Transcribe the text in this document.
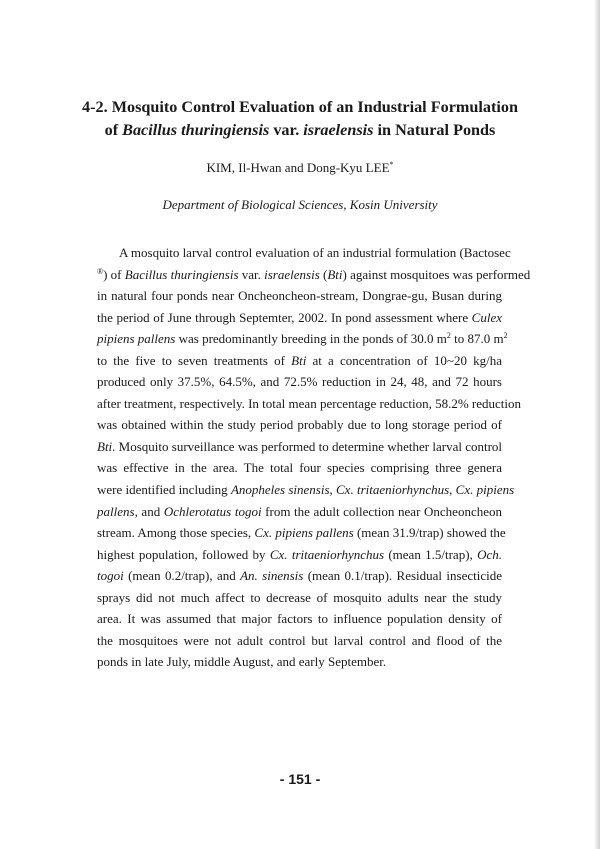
4-2. Mosquito Control Evaluation of an Industrial Formulation
of Bacillus thuringiensis var. israelensis in Natural Ponds
KIM, Il-Hwan and Dong-Kyu LEE*
Department of Biological Sciences, Kosin University
A mosquito larval control evaluation of an industrial formulation (Bactosec
®) of Bacillus thuringiensis var. israelensis (Bti) against mosquitoes was performed
in natural four ponds near Oncheoncheon-stream, Dongrae-gu, Busan during
the period of June through Septemter, 2002. In pond assessment where Culex
pipiens pallens was predominantly breeding in the ponds of 30.0 $m^2$ to 87.0 $m^2$
to the five to seven treatments of Bti at a concentration of 10~20 kg/ha
produced only 37.5%, 64.5%, and 72.5% reduction in 24, 48, and 72 hours
after treatment, respectively. In total mean percentage reduction, 58.2% reduction
was obtained within the study period probably due to long storage period of
Bti. Mosquito surveillance was performed to determine whether larval control
was effective in the area. The total four species comprising three genera
were identified including Anopheles sinensis, Cx. tritaeniorhynchus, Cx. pipiens
pallens, and Ochlerotatus togoi from the adult collection near Oncheoncheon
stream. Among those species, Cx. pipiens pallens (mean 31.9/trap) showed the
highest population, followed by Cx. tritaeniorhynchus (mean 1.5/trap), Och.
togoi (mean 0.2/trap), and An. sinensis (mean 0.1/trap). Residual insecticide
sprays did not much affect to decrease of mosquito adults near the study
area. It was assumed that major factors to influence population density of
the mosquitoes were not adult control but larval control and flood of the
ponds in late July, middle August, and early September.
- 151 -
